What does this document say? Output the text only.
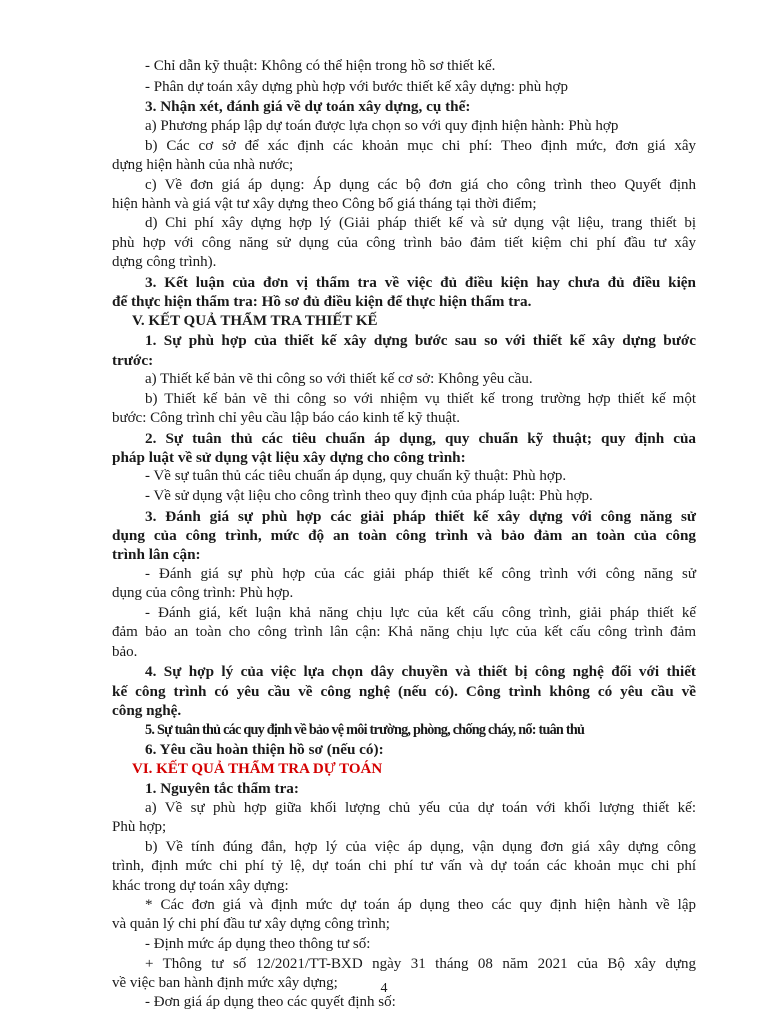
- Chỉ dẫn kỹ thuật: Không có thể hiện trong hồ sơ thiết kế.

- Phân dự toán xây dựng phù hợp với bước thiết kế xây dựng: phù hợp

3. Nhận xét, đánh giá về dự toán xây dựng, cụ thể:

a) Phương pháp lập dự toán được lựa chọn so với quy định hiện hành: Phù hợp

b) Các cơ sở để xác định các khoản mục chi phí: Theo định mức, đơn giá xây

dựng hiện hành của nhà nước;

c) Về đơn giá áp dụng: Áp dụng các bộ đơn giá cho công trình theo Quyết định

hiện hành và giá vật tư xây dựng theo Công bố giá tháng tại thời điểm;

d) Chi phí xây dựng hợp lý (Giải pháp thiết kế và sử dụng vật liệu, trang thiết bị

phù hợp với công năng sử dụng của công trình bảo đảm tiết kiệm chi phí đầu tư xây

dựng công trình).

3. Kết luận của đơn vị thẩm tra về việc đủ điều kiện hay chưa đủ điều kiện

để thực hiện thẩm tra: Hồ sơ đủ điều kiện để thực hiện thẩm tra.

V. KẾT QUẢ THẨM TRA THIẾT KẾ

1. Sự phù hợp của thiết kế xây dựng bước sau so với thiết kế xây dựng bước

trước:

a) Thiết kế bản vẽ thi công so với thiết kế cơ sở: Không yêu cầu.

b) Thiết kế bản vẽ thi công so với nhiệm vụ thiết kế trong trường hợp thiết kế một

bước: Công trình chỉ yêu cầu lập báo cáo kinh tế kỹ thuật.

2. Sự tuân thủ các tiêu chuẩn áp dụng, quy chuẩn kỹ thuật; quy định của

pháp luật về sử dụng vật liệu xây dựng cho công trình:

- Về sự tuân thủ các tiêu chuẩn áp dụng, quy chuẩn kỹ thuật: Phù hợp.

- Về sử dụng vật liệu cho công trình theo quy định của pháp luật: Phù hợp.

3. Đánh giá sự phù hợp các giải pháp thiết kế xây dựng với công năng sử

dụng của công trình, mức độ an toàn công trình và bảo đảm an toàn của công

trình lân cận:

- Đánh giá sự phù hợp của các giải pháp thiết kế công trình với công năng sử

dụng của công trình: Phù hợp.

- Đánh giá, kết luận khả năng chịu lực của kết cấu công trình, giải pháp thiết kế

đảm bảo an toàn cho công trình lân cận: Khả năng chịu lực của kết cấu công trình đảm

bảo.

4. Sự hợp lý của việc lựa chọn dây chuyền và thiết bị công nghệ đối với thiết

kế công trình có yêu cầu về công nghệ (nếu có). Công trình không có yêu cầu về

công nghệ.

5. Sự tuân thủ các quy định về bảo vệ môi trường, phòng, chống cháy, nổ: tuân thủ

6. Yêu cầu hoàn thiện hồ sơ (nếu có):

VI. KẾT QUẢ THẨM TRA DỰ TOÁN

1. Nguyên tắc thẩm tra:

a) Về sự phù hợp giữa khối lượng chủ yếu của dự toán với khối lượng thiết kế:

Phù hợp;

b) Về tính đúng đắn, hợp lý của việc áp dụng, vận dụng đơn giá xây dựng công

trình, định mức chi phí tỷ lệ, dự toán chi phí tư vấn và dự toán các khoản mục chi phí

khác trong dự toán xây dựng:

* Các đơn giá và định mức dự toán áp dụng theo các quy định hiện hành về lập

và quản lý chi phí đầu tư xây dựng công trình;

- Định mức áp dụng theo thông tư số:

+ Thông tư số 12/2021/TT-BXD ngày 31 tháng 08 năm 2021 của Bộ xây dựng

về việc ban hành định mức xây dựng;

- Đơn giá áp dụng theo các quyết định số:

4
